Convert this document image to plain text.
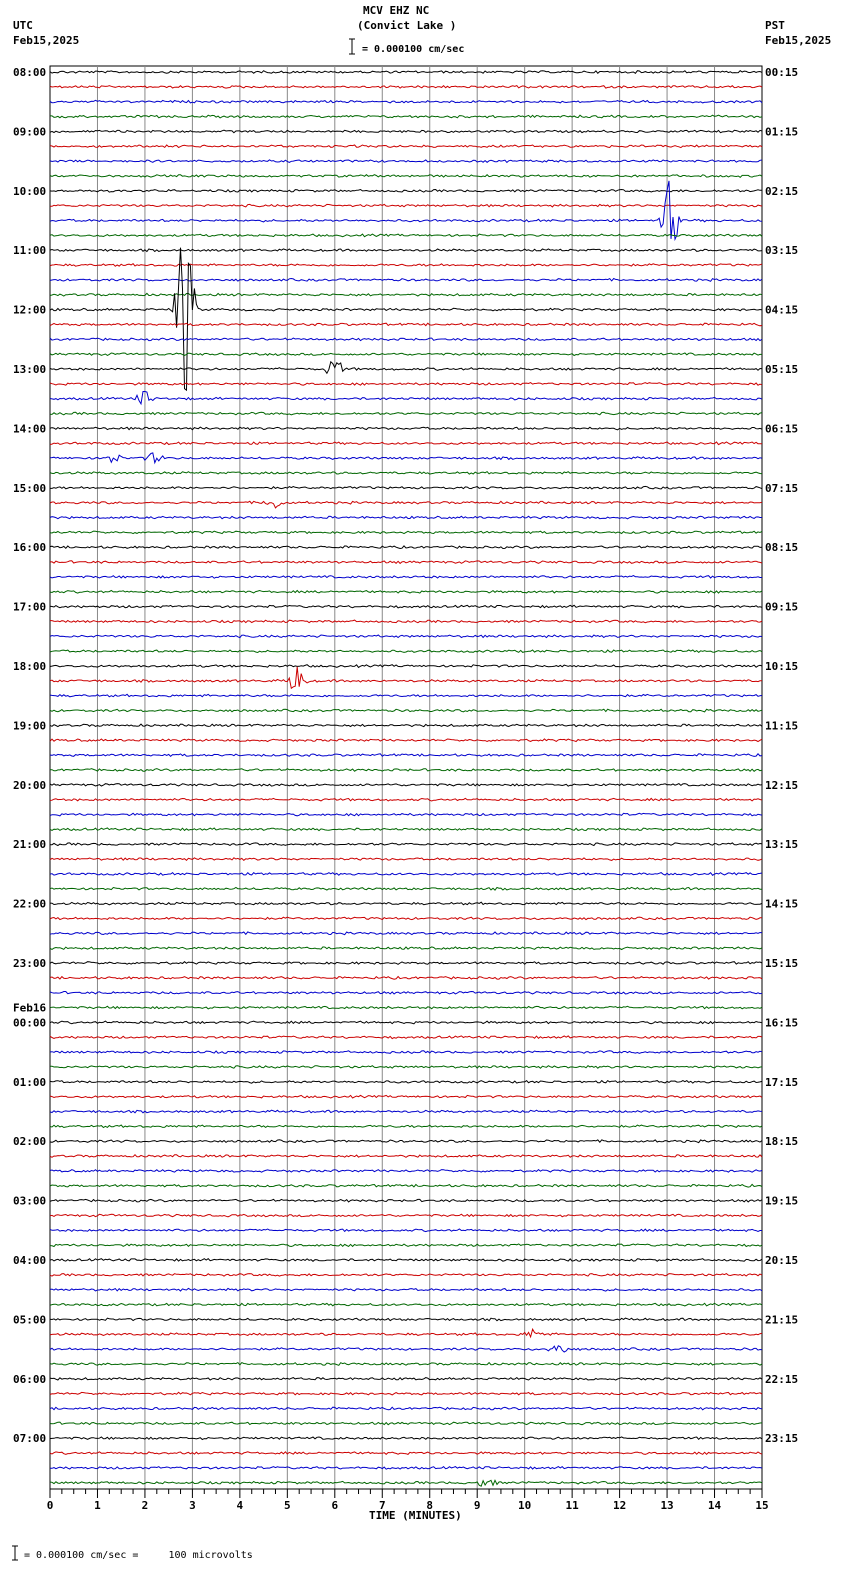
MCV EHZ NC
(Convict Lake )
= 0.000100 cm/sec
UTC
Feb15,2025
PST
Feb15,2025
TIME (MINUTES)
= 0.000100 cm/sec =     100 microvolts
08:00	00:15
09:00	01:15
10:00	02:15
11:00	03:15
12:00	04:15
13:00	05:15
14:00	06:15
15:00	07:15
16:00	08:15
17:00	09:15
18:00	10:15
19:00	11:15
20:00	12:15
21:00	13:15
22:00	14:15
23:00	15:15
00:00	16:15
Feb16
01:00	17:15
02:00	18:15
03:00	19:15
04:00	20:15
05:00	21:15
06:00	22:15
07:00	23:15
0	1	2	3	4	5	6	7	8	9	10	11	12	13	14	15
